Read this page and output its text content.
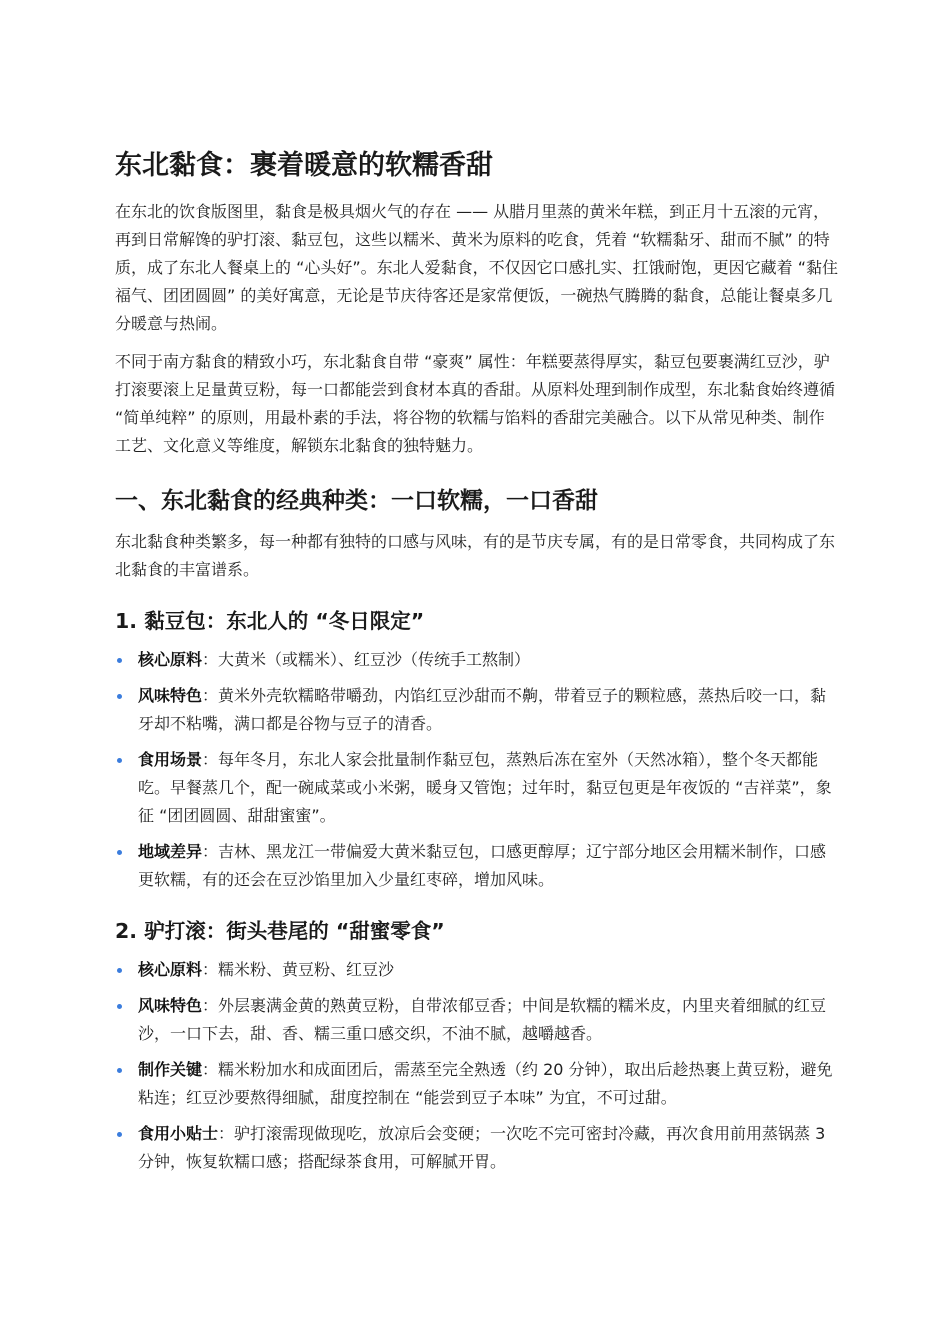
东北黏食：裹着暖意的软糯香甜

在东北的饮食版图里，黏食是极具烟火气的存在 —— 从腊月里蒸的黄米年糕，到正月十五滚的元宵，再到日常解馋的驴打滚、黏豆包，这些以糯米、黄米为原料的吃食，凭着 “软糯黏牙、甜而不腻” 的特质，成了东北人餐桌上的 “心头好”。东北人爱黏食，不仅因它口感扎实、扛饿耐饱，更因它藏着 “黏住福气、团团圆圆” 的美好寓意，无论是节庆待客还是家常便饭，一碗热气腾腾的黏食，总能让餐桌多几分暖意与热闹。

不同于南方黏食的精致小巧，东北黏食自带 “豪爽” 属性：年糕要蒸得厚实，黏豆包要裹满红豆沙，驴打滚要滚上足量黄豆粉，每一口都能尝到食材本真的香甜。从原料处理到制作成型，东北黏食始终遵循 “简单纯粹” 的原则，用最朴素的手法，将谷物的软糯与馅料的香甜完美融合。以下从常见种类、制作工艺、文化意义等维度，解锁东北黏食的独特魅力。

一、东北黏食的经典种类：一口软糯，一口香甜

东北黏食种类繁多，每一种都有独特的口感与风味，有的是节庆专属，有的是日常零食，共同构成了东北黏食的丰富谱系。

1. 黏豆包：东北人的 “冬日限定”
核心原料：大黄米（或糯米）、红豆沙（传统手工熬制）
风味特色：黄米外壳软糯略带嚼劲，内馅红豆沙甜而不齁，带着豆子的颗粒感，蒸热后咬一口，黏牙却不粘嘴，满口都是谷物与豆子的清香。
食用场景：每年冬月，东北人家会批量制作黏豆包，蒸熟后冻在室外（天然冰箱），整个冬天都能吃。早餐蒸几个，配一碗咸菜或小米粥，暖身又管饱；过年时，黏豆包更是年夜饭的 “吉祥菜”，象征 “团团圆圆、甜甜蜜蜜”。
地域差异：吉林、黑龙江一带偏爱大黄米黏豆包，口感更醇厚；辽宁部分地区会用糯米制作，口感更软糯，有的还会在豆沙馅里加入少量红枣碎，增加风味。
2. 驴打滚：街头巷尾的 “甜蜜零食”
核心原料：糯米粉、黄豆粉、红豆沙
风味特色：外层裹满金黄的熟黄豆粉，自带浓郁豆香；中间是软糯的糯米皮，内里夹着细腻的红豆沙，一口下去，甜、香、糯三重口感交织，不油不腻，越嚼越香。
制作关键：糯米粉加水和成面团后，需蒸至完全熟透（约 20 分钟），取出后趁热裹上黄豆粉，避免粘连；红豆沙要熬得细腻，甜度控制在 “能尝到豆子本味” 为宜，不可过甜。
食用小贴士：驴打滚需现做现吃，放凉后会变硬；一次吃不完可密封冷藏，再次食用前用蒸锅蒸 3 分钟，恢复软糯口感；搭配绿茶食用，可解腻开胃。
